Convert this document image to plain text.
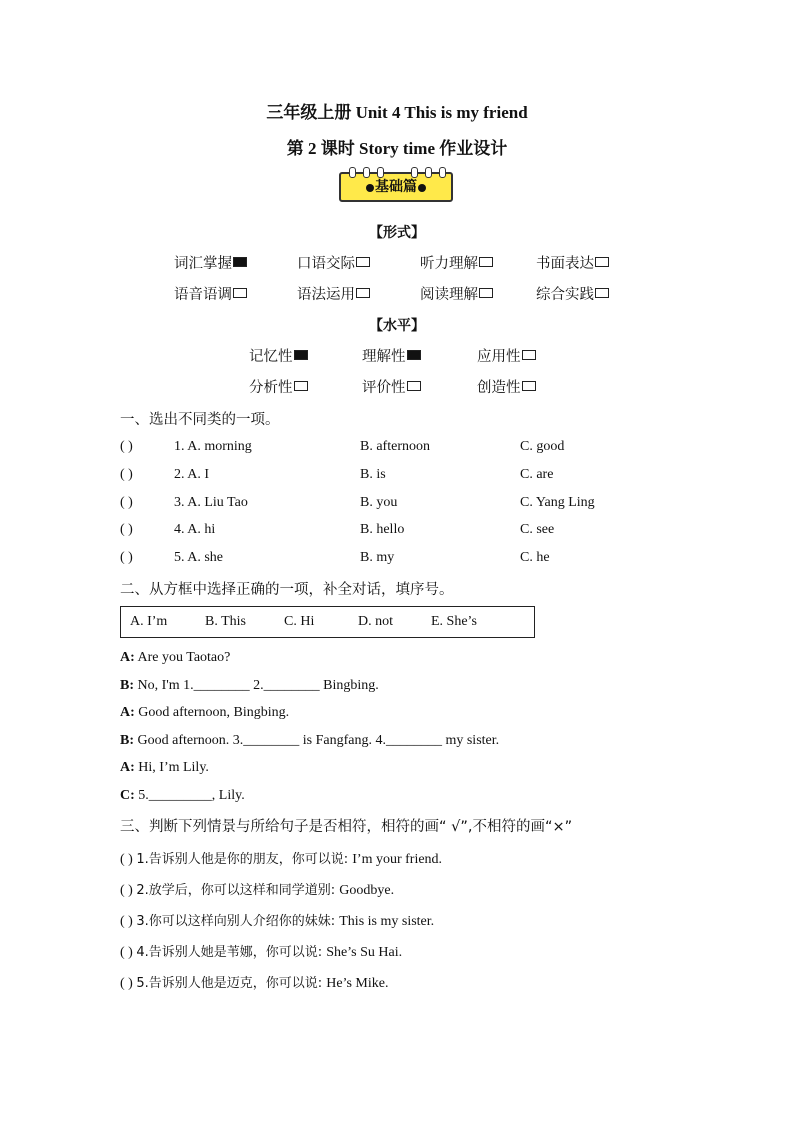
三年级上册 Unit 4 This is my friend
第 2 课时 Story time 作业设计
基础篇
【形式】
词汇掌握	口语交际	听力理解	书面表达
语音语调	语法运用	阅读理解	综合实践
【水平】
记忆性	理解性	应用性
分析性	评价性	创造性
一、选出不同类的一项。
( )	1. A. morning	B. afternoon	C. good
( )	2. A. I	B. is	C. are
( )	3. A. Liu Tao	B. you	C. Yang Ling
( )	4. A. hi	B. hello	C. see
( )	5. A. she	B. my	C. he
二、从方框中选择正确的一项，补全对话，填序号。
A. I’m	B. This	C. Hi	D. not	E. She’s
A: Are you Taotao?
B: No, I'm 1.________ 2.________ Bingbing.
A: Good afternoon, Bingbing.
B: Good afternoon. 3.________ is Fangfang. 4.________ my sister.
A: Hi, I’m Lily.
C: 5._________, Lily.
三、判断下列情景与所给句子是否相符，相符的画“ √”,不相符的画“×”
( ) 1.告诉别人他是你的朋友，你可以说: I’m your friend.
( ) 2.放学后，你可以这样和同学道别: Goodbye.
( ) 3.你可以这样向别人介绍你的妹妹: This is my sister.
( ) 4.告诉别人她是苇娜，你可以说: She’s Su Hai.
( ) 5.告诉别人他是迈克，你可以说: He’s Mike.
